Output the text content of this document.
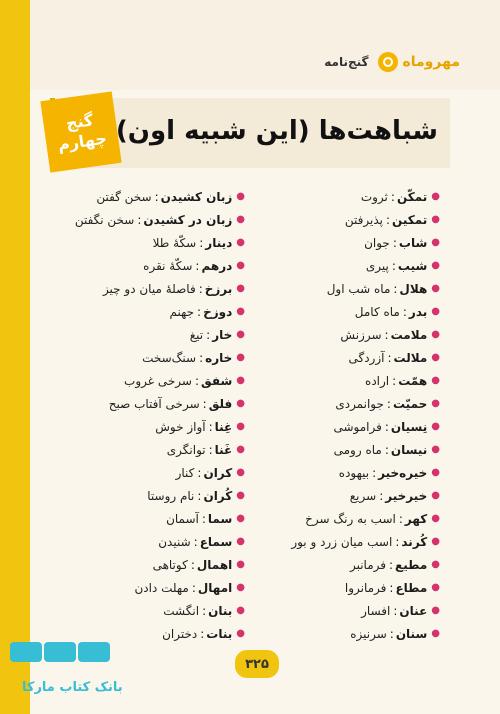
گنج‌نامه مهروماه
گنج
چهارم شباهت‌ها (این شبیه اون)
●
تمکّن
:
ثروت
●
تمکین
:
پذیرفتن
●
شاب
:
جوان
●
شیب
:
پیری
●
هلال
:
ماه شب اول
●
بدر
:
ماه کامل
●
ملامت
:
سرزنش
●
ملالت
:
آزردگی
●
همّت
:
اراده
●
حمیّت
:
جوانمردی
●
نِسیان
:
فراموشی
●
نیسان
:
ماه رومی
●
خیره‌خیر
:
بیهوده
●
خیرخیر
:
سریع
●
کهر
:
اسب به رنگ سرخ
●
کُرند
:
اسب میان زرد و بور
●
مطیع
:
فرمانبر
●
مطاع
:
فرمانروا
●
عنان
:
افسار
●
سنان
:
سرنیزه
●
زبان کشیدن
:
سخن گفتن
●
زبان در کشیدن
:
سخن نگفتن
●
دینار
:
سکّهٔ طلا
●
درهم
:
سکّهٔ نقره
●
برزخ
:
فاصلهٔ میان دو چیز
●
دوزخ
:
جهنم
●
خار
:
تیغ
●
خاره
:
سنگ‌سخت
●
شفق
:
سرخی غروب
●
فلق
:
سرخی آفتاب صبح
●
غِنا
:
آواز خوش
●
غَنا
:
توانگری
●
کران
:
کنار
●
کُران
:
نام روستا
●
سما
:
آسمان
●
سماع
:
شنیدن
●
اهمال
:
کوتاهی
●
امهال
:
مهلت دادن
●
بنان
:
انگشت
●
بنات
:
دختران
۳۲۵
بانک کتاب مارکا
